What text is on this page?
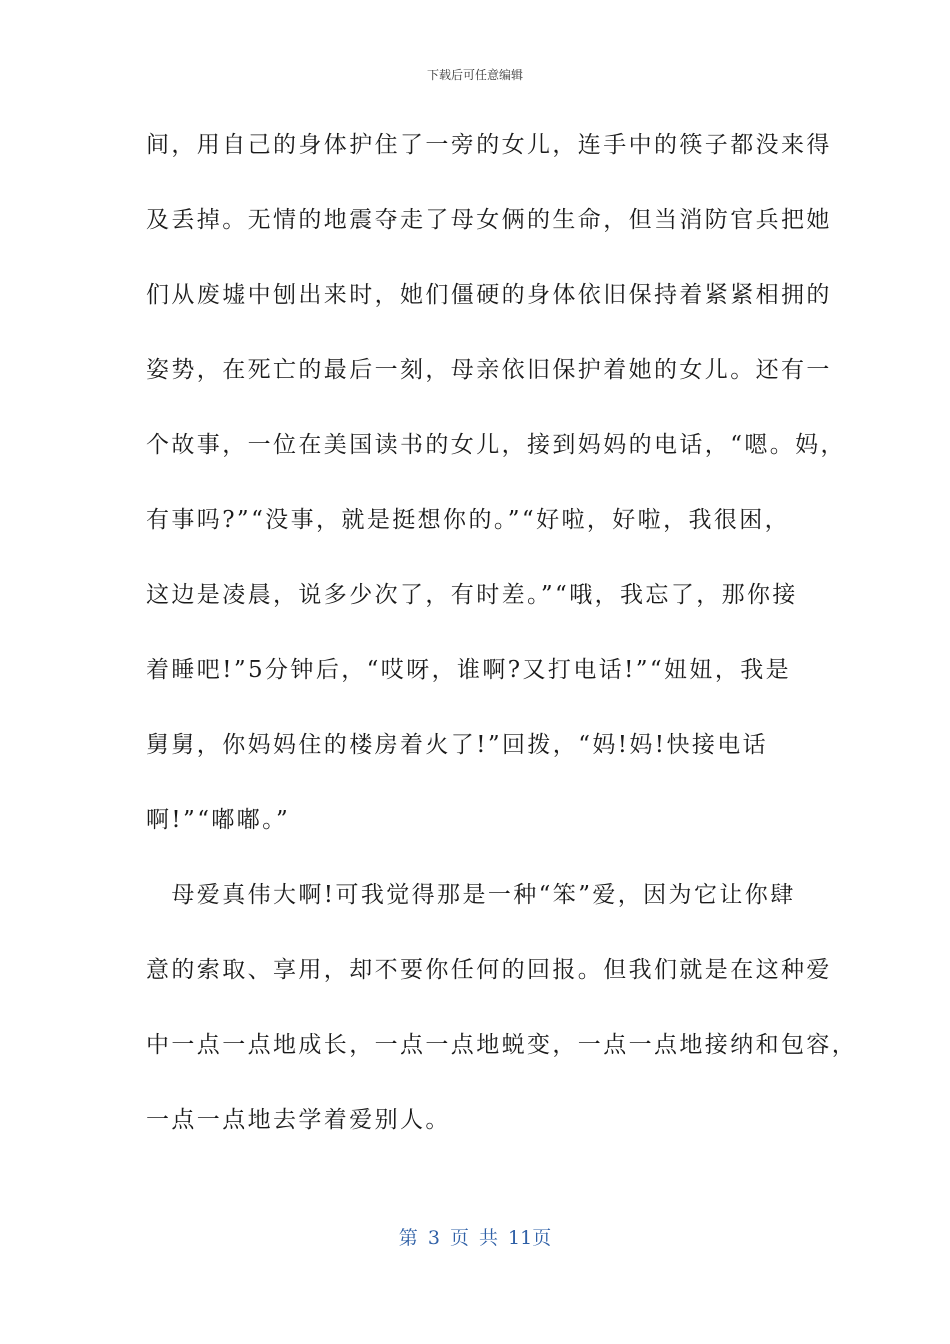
下载后可任意编辑
间，用自己的身体护住了一旁的女儿，连手中的筷子都没来得
及丢掉。无情的地震夺走了母女俩的生命，但当消防官兵把她
们从废墟中刨出来时，她们僵硬的身体依旧保持着紧紧相拥的
姿势，在死亡的最后一刻，母亲依旧保护着她的女儿。还有一
个故事，一位在美国读书的女儿，接到妈妈的电话，“嗯。妈，
有事吗?”“没事，就是挺想你的。”“好啦，好啦，我很困，
这边是凌晨，说多少次了，有时差。”“哦，我忘了，那你接
着睡吧!”5分钟后，“哎呀，谁啊?又打电话!”“妞妞，我是
舅舅，你妈妈住的楼房着火了!”回拨，“妈!妈!快接电话
啊!”“嘟嘟。”
　母爱真伟大啊!可我觉得那是一种“笨”爱，因为它让你肆
意的索取、享用，却不要你任何的回报。但我们就是在这种爱
中一点一点地成长，一点一点地蜕变，一点一点地接纳和包容，
一点一点地去学着爱别人。
第 3 页 共 11页
